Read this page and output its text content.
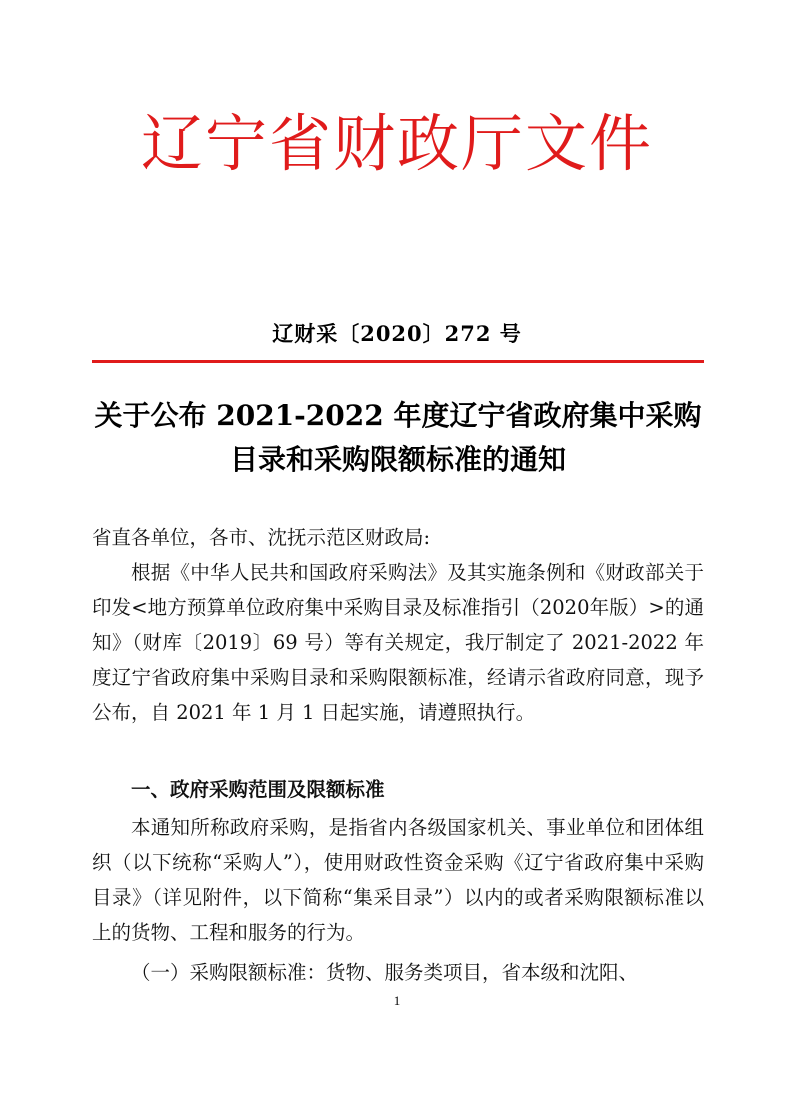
辽宁省财政厅文件
辽财采〔2020〕272 号
关于公布 2021-2022 年度辽宁省政府集中采购
目录和采购限额标准的通知
省直各单位，各市、沈抚示范区财政局:
根据《中华人民共和国政府采购法》及其实施条例和《财政部关于印发<地方预算单位政府集中采购目录及标准指引（2020年版）>的通知》（财库〔2019〕69 号）等有关规定，我厅制定了 2021-2022 年度辽宁省政府集中采购目录和采购限额标准，经请示省政府同意，现予公布，自 2021 年 1 月 1 日起实施，请遵照执行。
一、政府采购范围及限额标准
本通知所称政府采购，是指省内各级国家机关、事业单位和团体组织（以下统称“采购人”），使用财政性资金采购《辽宁省政府集中采购目录》（详见附件，以下简称“集采目录”）以内的或者采购限额标准以上的货物、工程和服务的行为。
（一）采购限额标准：货物、服务类项目，省本级和沈阳、
1
